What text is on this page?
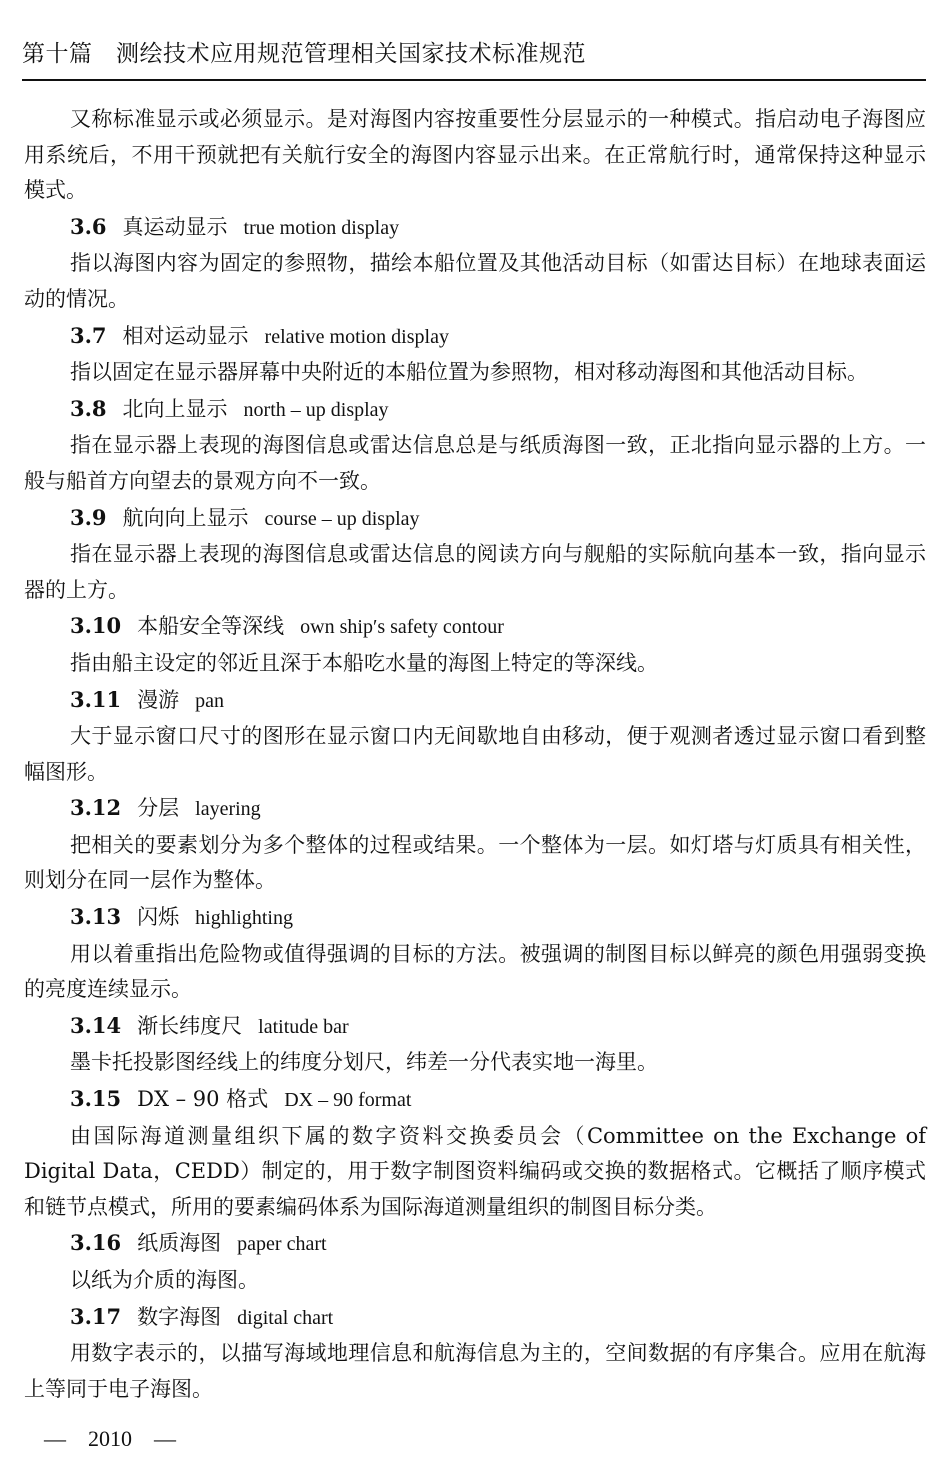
第十篇　测绘技术应用规范管理相关国家技术标准规范

又称标准显示或必须显示。是对海图内容按重要性分层显示的一种模式。指启动电子海图应用系统后，不用干预就把有关航行安全的海图内容显示出来。在正常航行时，通常保持这种显示模式。

3.6 真运动显示 true motion display

指以海图内容为固定的参照物，描绘本船位置及其他活动目标（如雷达目标）在地球表面运动的情况。

3.7 相对运动显示 relative motion display

指以固定在显示器屏幕中央附近的本船位置为参照物，相对移动海图和其他活动目标。

3.8 北向上显示 north – up display

指在显示器上表现的海图信息或雷达信息总是与纸质海图一致，正北指向显示器的上方。一般与船首方向望去的景观方向不一致。

3.9 航向向上显示 course – up display

指在显示器上表现的海图信息或雷达信息的阅读方向与舰船的实际航向基本一致，指向显示器的上方。

3.10 本船安全等深线 own ship′s safety contour

指由船主设定的邻近且深于本船吃水量的海图上特定的等深线。

3.11 漫游 pan

大于显示窗口尺寸的图形在显示窗口内无间歇地自由移动，便于观测者透过显示窗口看到整幅图形。

3.12 分层 layering

把相关的要素划分为多个整体的过程或结果。一个整体为一层。如灯塔与灯质具有相关性，则划分在同一层作为整体。

3.13 闪烁 highlighting

用以着重指出危险物或值得强调的目标的方法。被强调的制图目标以鲜亮的颜色用强弱变换的亮度连续显示。

3.14 渐长纬度尺 latitude bar

墨卡托投影图经线上的纬度分划尺，纬差一分代表实地一海里。

3.15 DX – 90 格式 DX – 90 format

由国际海道测量组织下属的数字资料交换委员会（Committee on the Exchange of Digital Data，CEDD）制定的，用于数字制图资料编码或交换的数据格式。它概括了顺序模式和链节点模式，所用的要素编码体系为国际海道测量组织的制图目标分类。

3.16 纸质海图 paper chart

以纸为介质的海图。

3.17 数字海图 digital chart

用数字表示的，以描写海域地理信息和航海信息为主的，空间数据的有序集合。应用在航海上等同于电子海图。

—　2010　—
